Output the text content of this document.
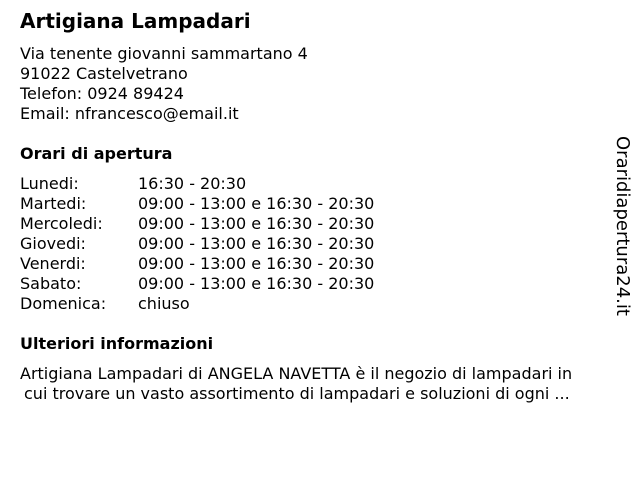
Artigiana Lampadari
Via tenente giovanni sammartano 4
91022 Castelvetrano
Telefon: 0924 89424
Email: nfrancesco@email.it
Orari di apertura
Lunedi:	16:30 - 20:30
Martedi:	09:00 - 13:00 e 16:30 - 20:30
Mercoledi: 09:00 - 13:00 e 16:30 - 20:30
Giovedi:	09:00 - 13:00 e 16:30 - 20:30
Venerdi:	09:00 - 13:00 e 16:30 - 20:30
Sabato:	09:00 - 13:00 e 16:30 - 20:30
Domenica: chiuso
Ulteriori informazioni
Artigiana Lampadari di ANGELA NAVETTA è il negozio di lampadari in
cui trovare un vasto assortimento di lampadari e soluzioni di ogni ...
Oraridiapertura24.it
